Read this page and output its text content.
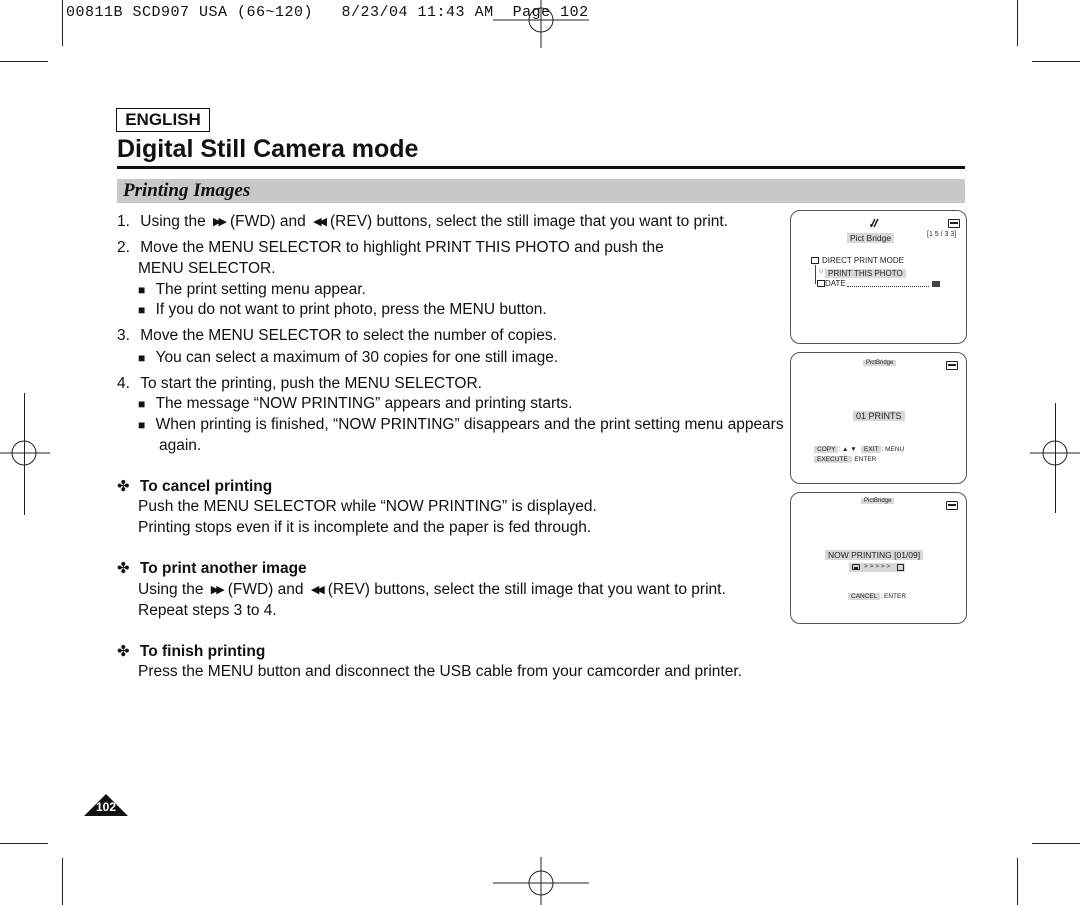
00811B SCD907 USA (66~120)   8/23/04 11:43 AM  Page 102
ENGLISH
Digital Still Camera mode
Printing Images
1. Using the ▶▶ (FWD) and ◀◀ (REV) buttons, select the still image that you want to print.
2. Move the MENU SELECTOR to highlight PRINT THIS PHOTO and push the
MENU SELECTOR.
■ The print setting menu appear.
■ If you do not want to print photo, press the MENU button.
3. Move the MENU SELECTOR to select the number of copies.
■ You can select a maximum of 30 copies for one still image.
4. To start the printing, push the MENU SELECTOR.
■ The message “NOW PRINTING” appears and printing starts.
■ When printing is finished, “NOW PRINTING” disappears and the print setting menu appears
again.
✤ To cancel printing
Push the MENU SELECTOR while “NOW PRINTING” is displayed.
Printing stops even if it is incomplete and the paper is fed through.
✤ To print another image
Using the ▶▶ (FWD) and ◀◀ (REV) buttons, select the still image that you want to print.
Repeat steps 3 to 4.
✤ To finish printing
Press the MENU button and disconnect the USB cable from your camcorder and printer.
Pict Bridge	[1 5 / 3 3]
DIRECT PRINT MODE
○ PRINT THIS PHOTO
DATE
PictBridge
01 PRINTS
COPY : ▲ ▼	EXIT : MENU
EXECUTE : ENTER
PictBridge
NOW PRINTING [01/09]
> > > > >
CANCEL : ENTER
102
